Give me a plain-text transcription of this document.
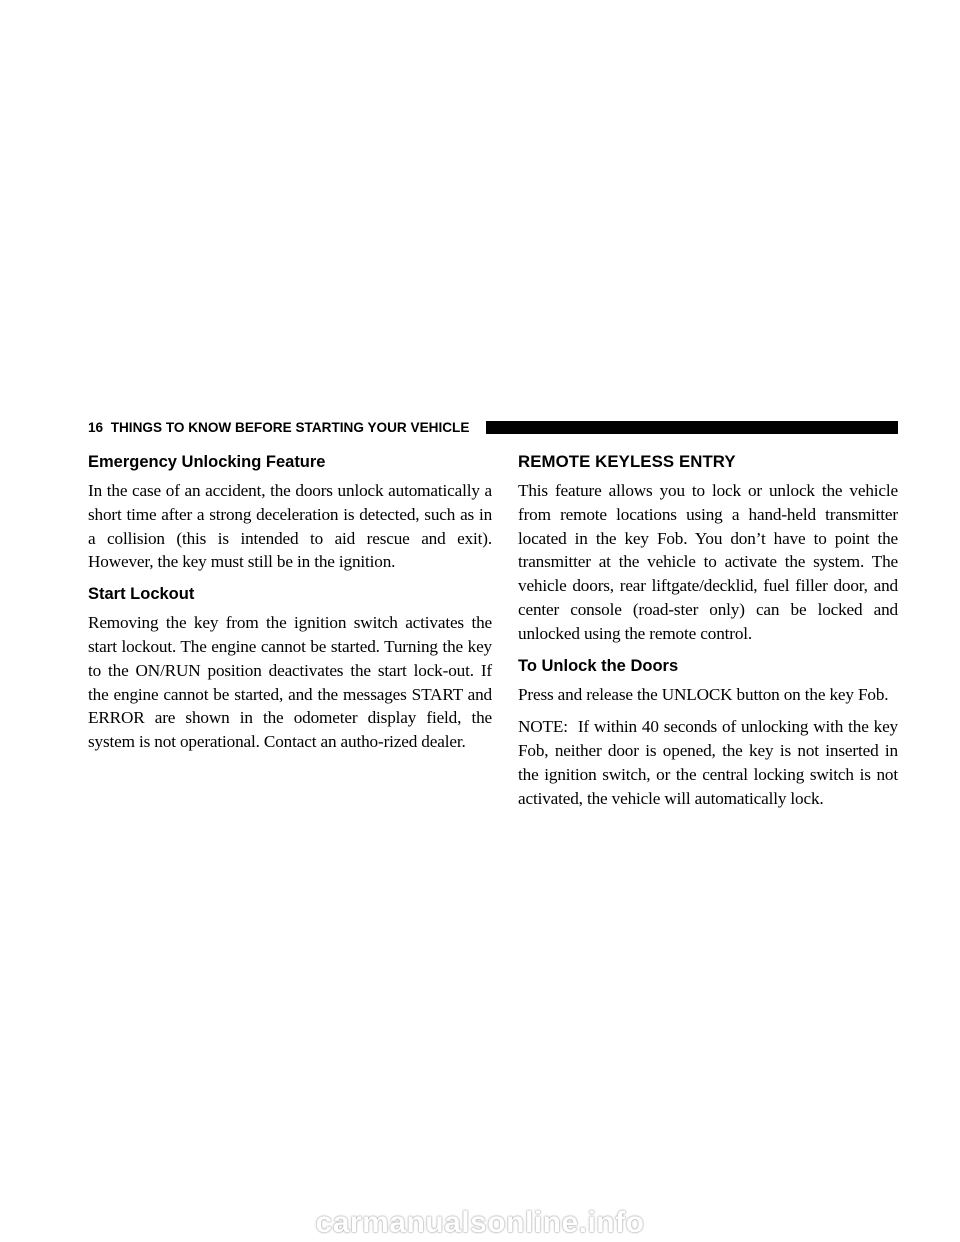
16 THINGS TO KNOW BEFORE STARTING YOUR VEHICLE
Emergency Unlocking Feature

In the case of an accident, the doors unlock automatically a short time after a strong deceleration is detected, such as in a collision (this is intended to aid rescue and exit). However, the key must still be in the ignition.

Start Lockout

Removing the key from the ignition switch activates the start lockout. The engine cannot be started. Turning the key to the ON/RUN position deactivates the start lock-out. If the engine cannot be started, and the messages START and ERROR are shown in the odometer display field, the system is not operational. Contact an autho-rized dealer.

REMOTE KEYLESS ENTRY

This feature allows you to lock or unlock the vehicle from remote locations using a hand-held transmitter located in the key Fob. You don’t have to point the transmitter at the vehicle to activate the system. The vehicle doors, rear liftgate/decklid, fuel filler door, and center console (road-ster only) can be locked and unlocked using the remote control.

To Unlock the Doors

Press and release the UNLOCK button on the key Fob.

NOTE: If within 40 seconds of unlocking with the key Fob, neither door is opened, the key is not inserted in the ignition switch, or the central locking switch is not activated, the vehicle will automatically lock.

carmanualsonline.info
